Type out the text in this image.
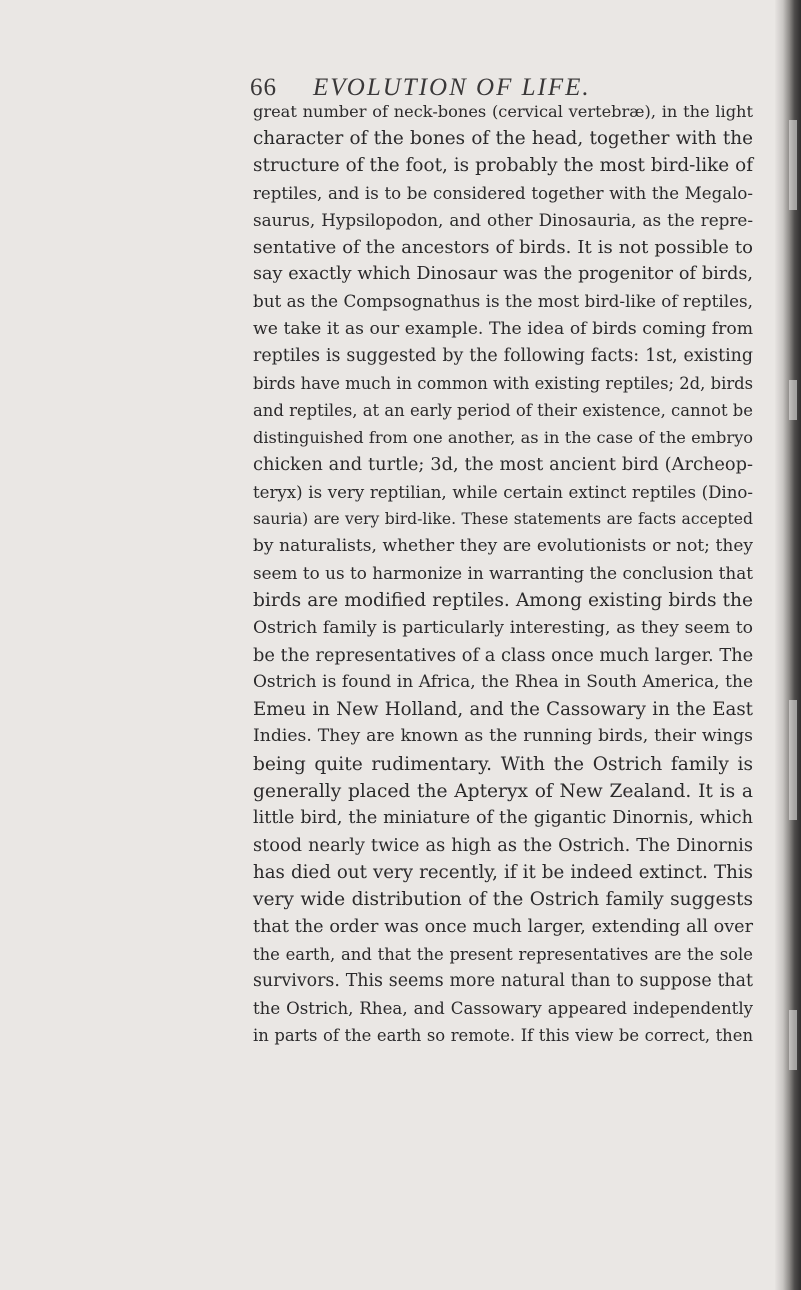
66 EVOLUTION OF LIFE.
great number of neck-bones (cervical vertebræ), in the light
character of the bones of the head, together with the
structure of the foot, is probably the most bird-like of
reptiles, and is to be considered together with the Megalo-
saurus, Hypsilopodon, and other Dinosauria, as the repre-
sentative of the ancestors of birds. It is not possible to
say exactly which Dinosaur was the progenitor of birds,
but as the Compsognathus is the most bird-like of reptiles,
we take it as our example. The idea of birds coming from
reptiles is suggested by the following facts: 1st, existing
birds have much in common with existing reptiles; 2d, birds
and reptiles, at an early period of their existence, cannot be
distinguished from one another, as in the case of the embryo
chicken and turtle; 3d, the most ancient bird (Archeop-
teryx) is very reptilian, while certain extinct reptiles (Dino-
sauria) are very bird-like. These statements are facts accepted
by naturalists, whether they are evolutionists or not; they
seem to us to harmonize in warranting the conclusion that
birds are modified reptiles. Among existing birds the
Ostrich family is particularly interesting, as they seem to
be the representatives of a class once much larger. The
Ostrich is found in Africa, the Rhea in South America, the
Emeu in New Holland, and the Cassowary in the East
Indies. They are known as the running birds, their wings
being quite rudimentary. With the Ostrich family is
generally placed the Apteryx of New Zealand. It is a
little bird, the miniature of the gigantic Dinornis, which
stood nearly twice as high as the Ostrich. The Dinornis
has died out very recently, if it be indeed extinct. This
very wide distribution of the Ostrich family suggests
that the order was once much larger, extending all over
the earth, and that the present representatives are the sole
survivors. This seems more natural than to suppose that
the Ostrich, Rhea, and Cassowary appeared independently
in parts of the earth so remote. If this view be correct, then
